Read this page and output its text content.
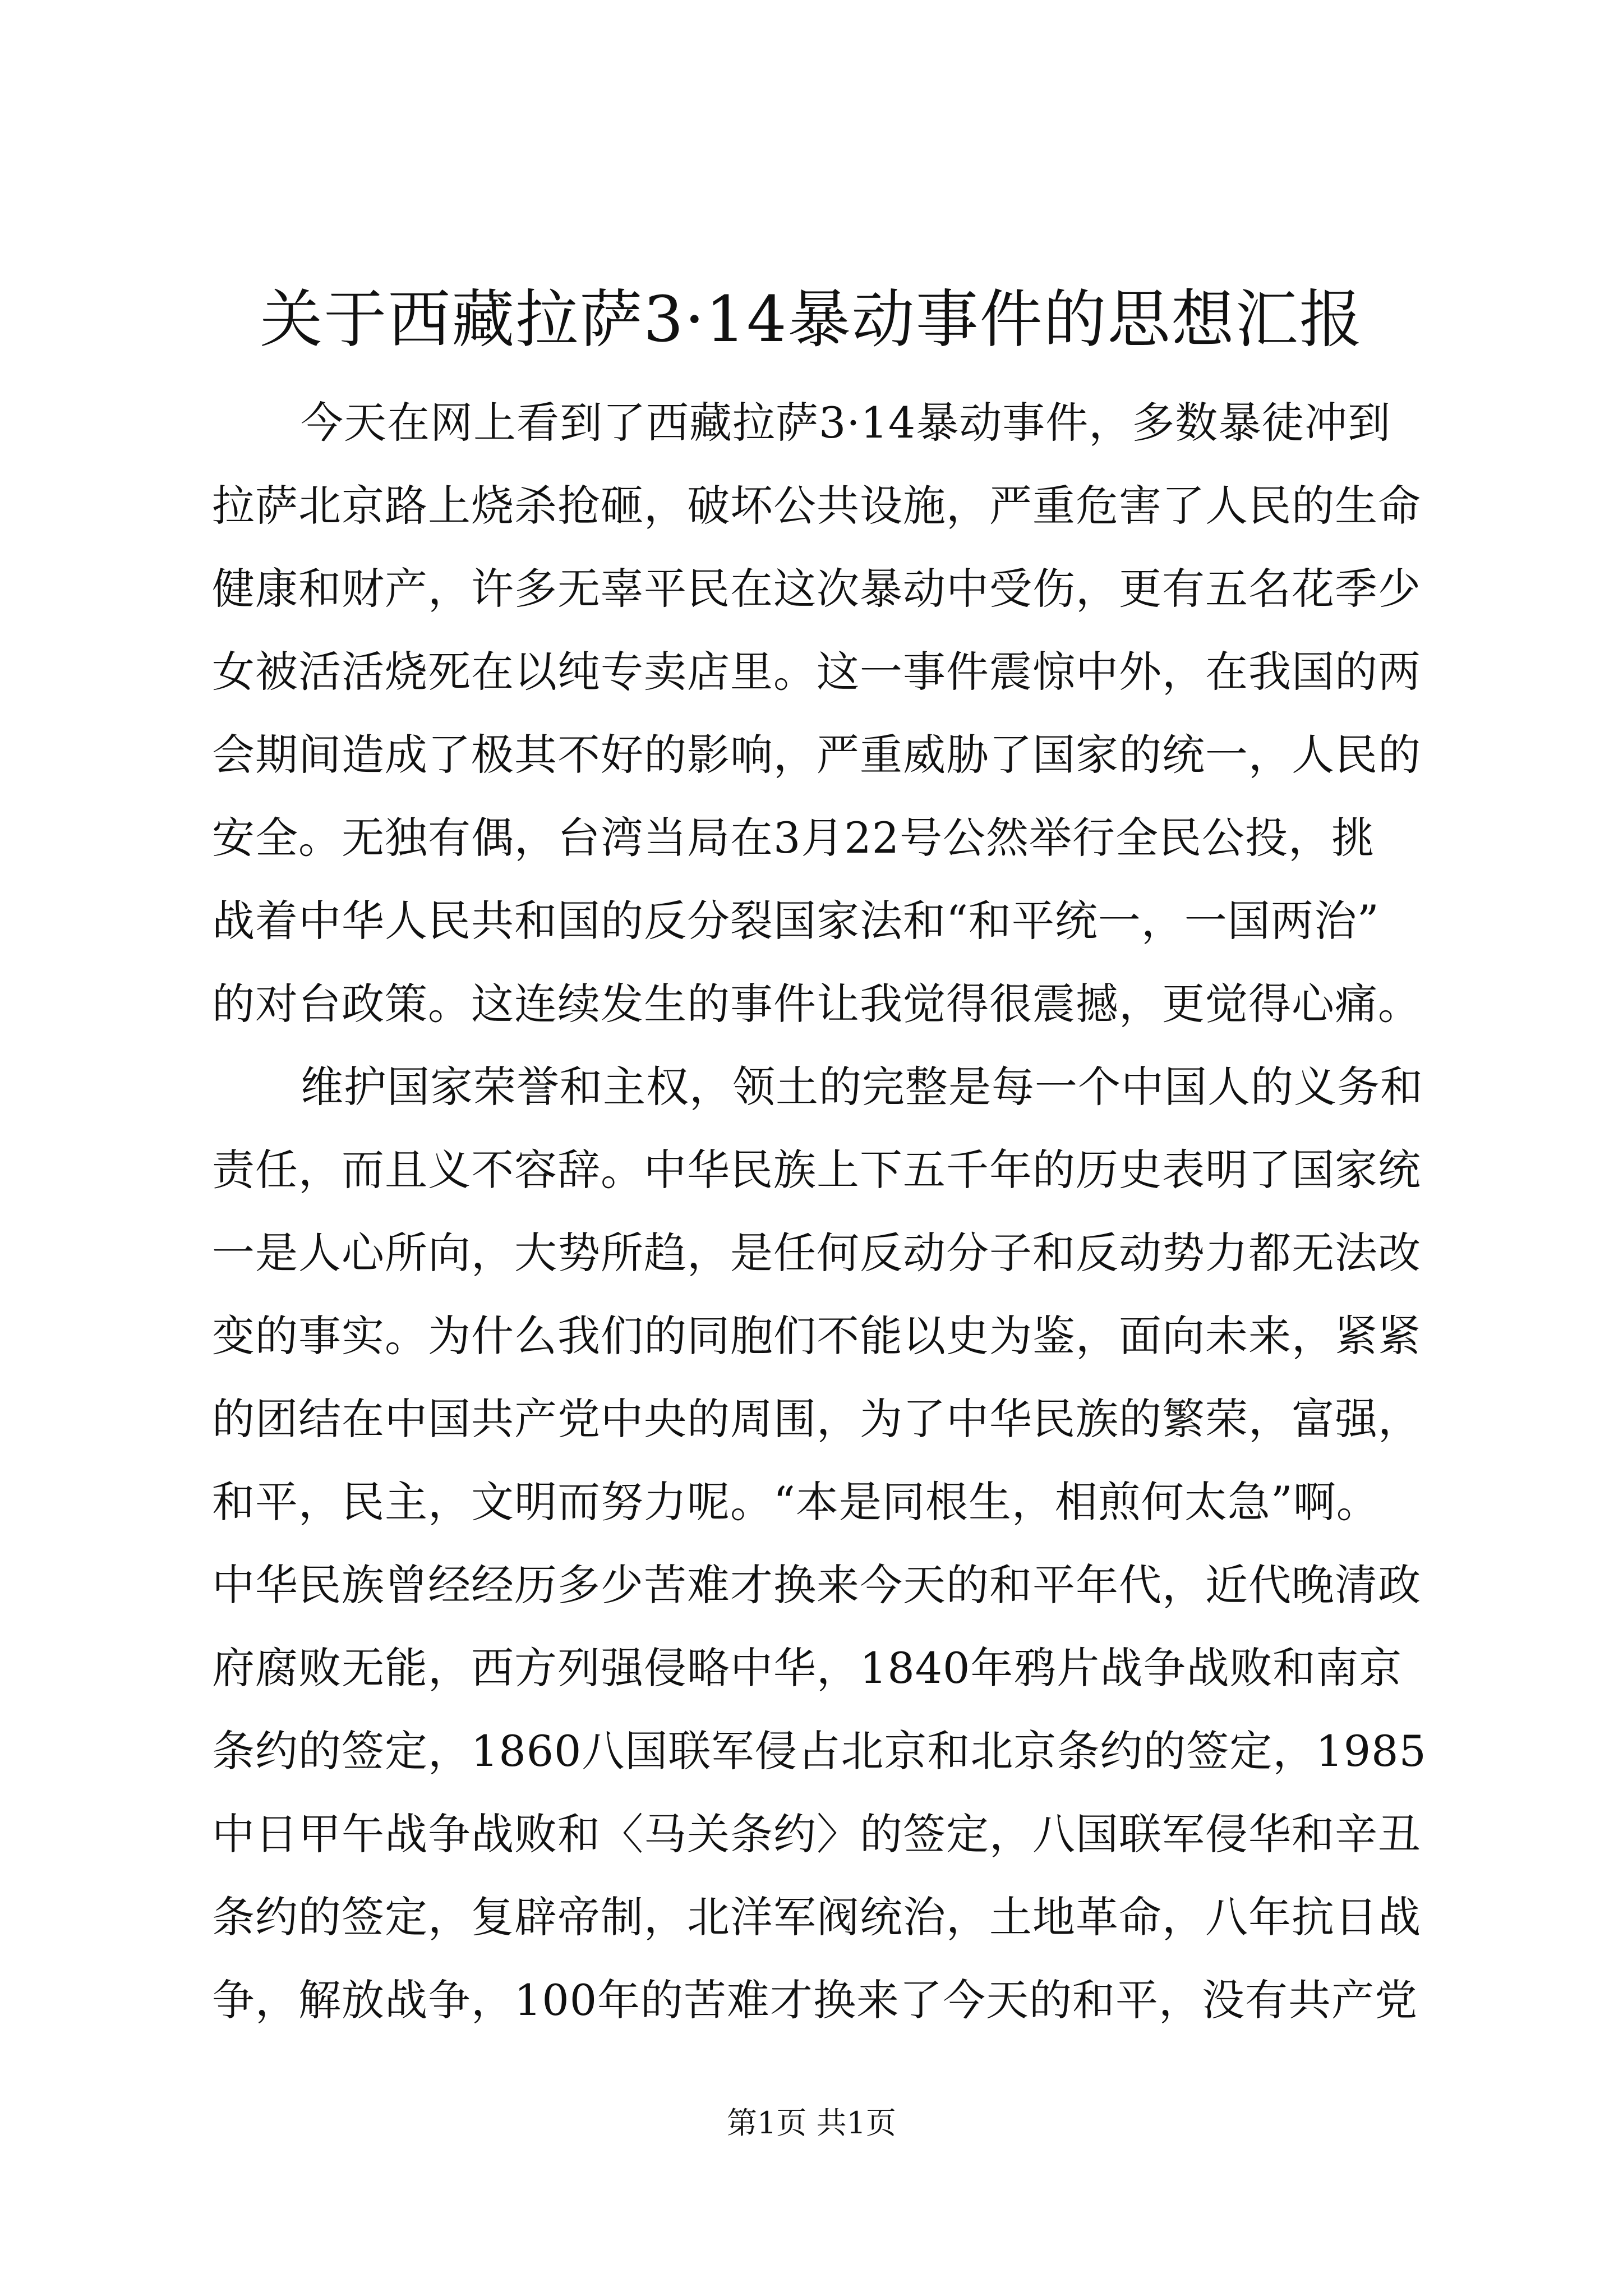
关于西藏拉萨3·14暴动事件的思想汇报
今天在网上看到了西藏拉萨3·14暴动事件，多数暴徒冲到
拉萨北京路上烧杀抢砸，破坏公共设施，严重危害了人民的生命
健康和财产，许多无辜平民在这次暴动中受伤，更有五名花季少
女被活活烧死在以纯专卖店里。这一事件震惊中外，在我国的两
会期间造成了极其不好的影响，严重威胁了国家的统一，人民的
安全。无独有偶，台湾当局在3月22号公然举行全民公投，挑
战着中华人民共和国的反分裂国家法和“和平统一，一国两治”
的对台政策。这连续发生的事件让我觉得很震撼，更觉得心痛。
维护国家荣誉和主权，领土的完整是每一个中国人的义务和
责任，而且义不容辞。中华民族上下五千年的历史表明了国家统
一是人心所向，大势所趋，是任何反动分子和反动势力都无法改
变的事实。为什么我们的同胞们不能以史为鉴，面向未来，紧紧
的团结在中国共产党中央的周围，为了中华民族的繁荣，富强，
和平，民主，文明而努力呢。“本是同根生，相煎何太急”啊。
中华民族曾经经历多少苦难才换来今天的和平年代，近代晚清政
府腐败无能，西方列强侵略中华，1840年鸦片战争战败和南京
条约的签定，1860八国联军侵占北京和北京条约的签定，1985
中日甲午战争战败和〈马关条约〉的签定，八国联军侵华和辛丑
条约的签定，复辟帝制，北洋军阀统治，土地革命，八年抗日战
争，解放战争，100年的苦难才换来了今天的和平，没有共产党
第1页 共1页
